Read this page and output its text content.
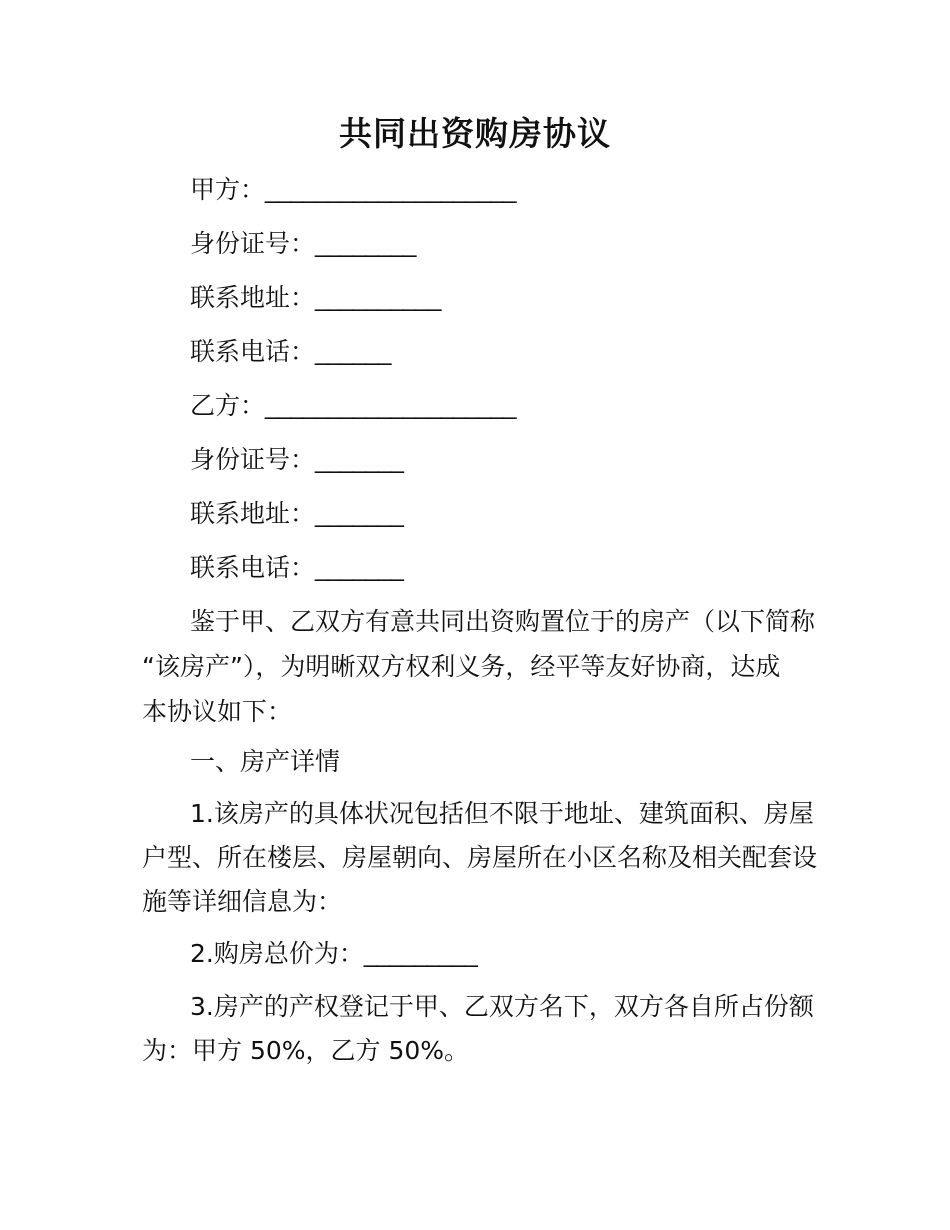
共同出资购房协议
甲方：____________________
身份证号：________
联系地址：__________
联系电话：______
乙方：____________________
身份证号：_______
联系地址：_______
联系电话：_______
鉴于甲、乙双方有意共同出资购置位于的房产（以下简称
“该房产”），为明晰双方权利义务，经平等友好协商，达成
本协议如下：
一、房产详情
1.该房产的具体状况包括但不限于地址、建筑面积、房屋
户型、所在楼层、房屋朝向、房屋所在小区名称及相关配套设
施等详细信息为：
2.购房总价为：_________
3.房产的产权登记于甲、乙双方名下，双方各自所占份额
为：甲方 50%，乙方 50%。
